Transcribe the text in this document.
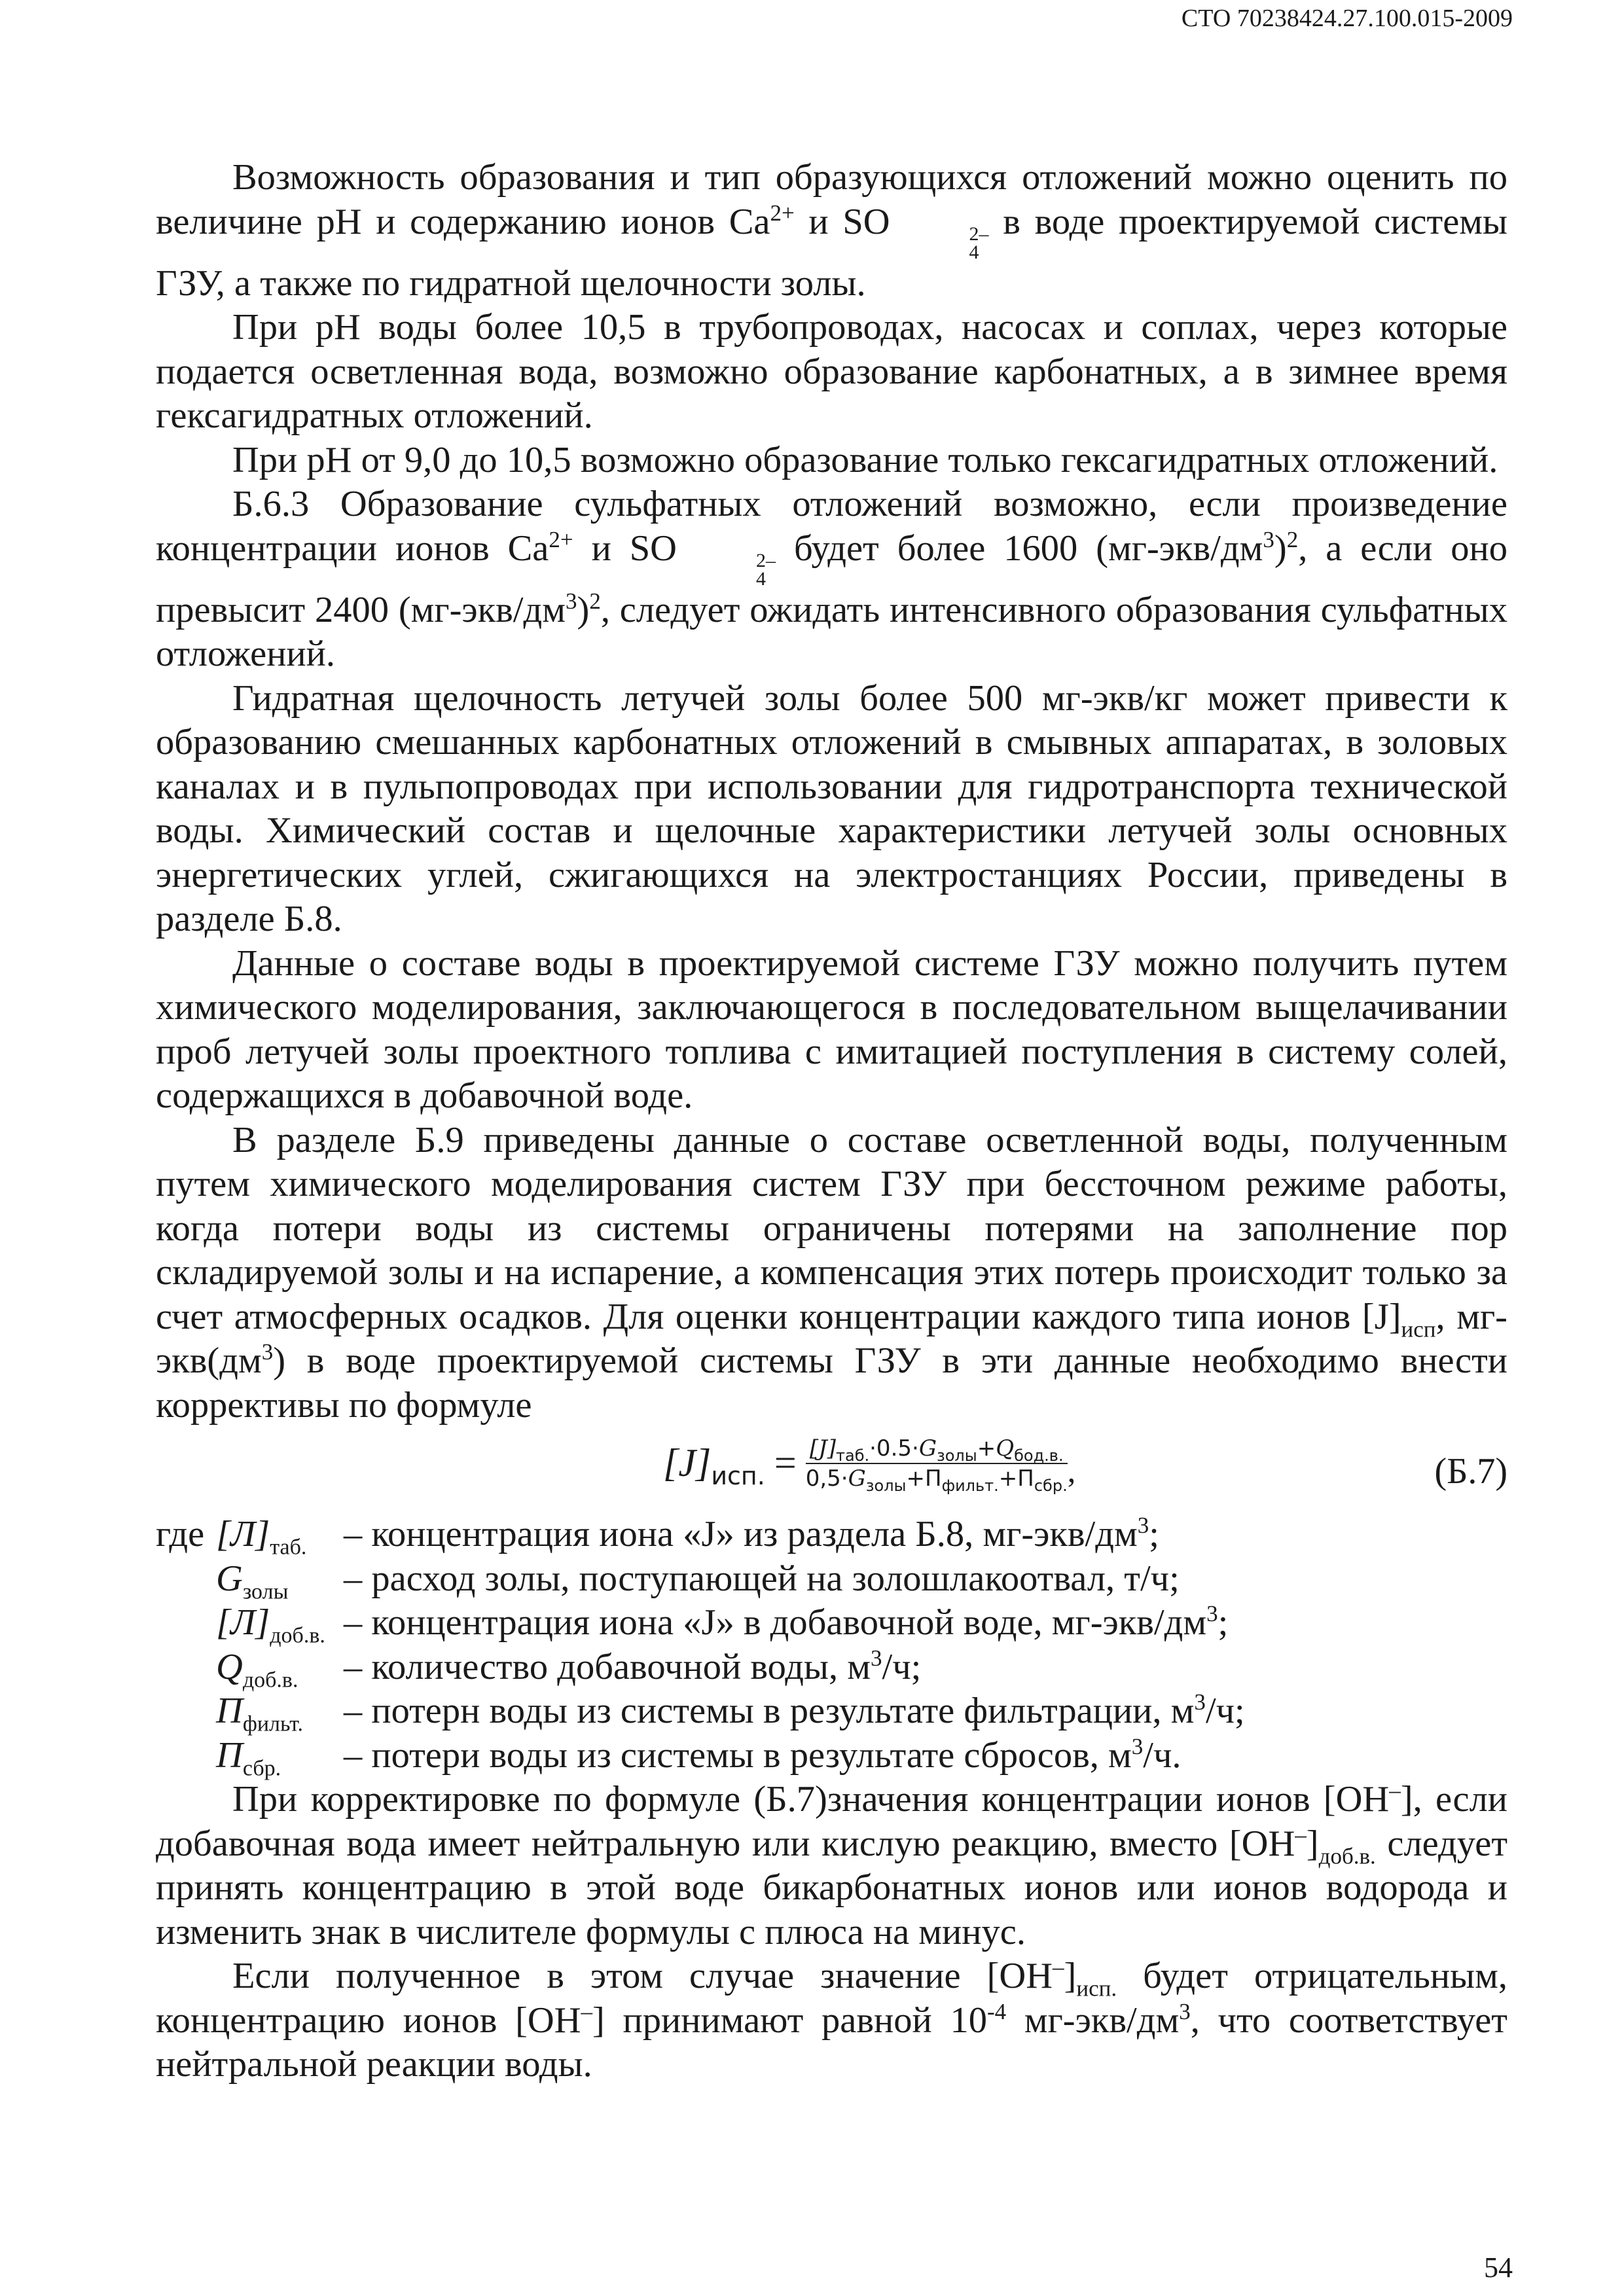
СТО 70238424.27.100.015-2009

Возможность образования и тип образующихся отложений можно оценить по величине pH и содержанию ионов $Ca^{2+}$ и SO	2–
4
в воде проектируемой системы ГЗУ, а также по гидратной щелочности золы.

При pH воды более 10,5 в трубопроводах, насосах и соплах, через которые подается осветленная вода, возможно образование карбонатных, а в зимнее время гексагидратных отложений.

При pH от 9,0 до 10,5 возможно образование только гексагидратных отложений.

Б.6.3 Образование сульфатных отложений возможно, если произведение концентрации ионов $Ca^{2+}$ и SO	2–
4
будет более 1600 $(мг-экв/дм^3)^2$, а если оно превысит 2400 $(мг-экв/дм^3)^2$, следует ожидать интенсивного образования сульфатных отложений.

Гидратная щелочность летучей золы более 500 мг-экв/кг может привести к образованию смешанных карбонатных отложений в смывных аппаратах, в золовых каналах и в пульпопроводах при использовании для гидротранспорта технической воды. Химический состав и щелочные характеристики летучей золы основных энергетических углей, сжигающихся на электростанциях России, приведены в разделе Б.8.

Данные о составе воды в проектируемой системе ГЗУ можно получить путем химического моделирования, заключающегося в последовательном выщелачивании проб летучей золы проектного топлива с имитацией поступления в систему солей, содержащихся в добавочной воде.

В разделе Б.9 приведены данные о составе осветленной воды, полученным путем химического моделирования систем ГЗУ при бессточном режиме работы, когда потери воды из системы ограничены потерями на заполнение пор складируемой золы и на испарение, а компенсация этих потерь происходит только за счет атмосферных осадков. Для оценки концентрации каждого типа ионов $[J]_{исп}$, $мг-экв(дм^3)$ в воде проектируемой системы ГЗУ в эти данные необходимо внести коррективы по формуле

$[J]_{исп.} = \frac{[J]_{таб.}\cdot 0.5\cdot G_{золы}+Q_{бод.в.}}{0,5\cdot G_{золы}+П_{фильт.}+П_{сбр.}}$ ,	(Б.7)
где $[Л]_{таб.}$	– концентрация иона «J» из раздела Б.8, $мг-экв/дм^3$;
$G_{золы}$	– расход золы, поступающей на золошлакоотвал, т/ч;
$[Л]_{доб.в.}$ – концентрация иона «J» в добавочной воде, $мг-экв/дм^3$;
$Q_{доб.в.}$	– количество добавочной воды, $м^3/ч$;
$П_{фильт.}$	– потерн воды из системы в результате фильтрации, $м^3/ч$;
$П_{сбр.}$	– потери воды из системы в результате сбросов, $м^3/ч$.

При корректировке по формуле (Б.7)значения концентрации ионов [OH–], если добавочная вода имеет нейтральную или кислую реакцию, вместо $[OH^-]_{доб.в.}$ следует принять концентрацию в этой воде бикарбонатных ионов или ионов водорода и изменить знак в числителе формулы с плюса на минус.

Если полученное в этом случае значение $[OH^-]_{исп.}$ будет отрицательным, концентрацию ионов [OH–] принимают равной $10^{-4}$ $мг-экв/дм^3$, что соответствует нейтральной реакции воды.

54
